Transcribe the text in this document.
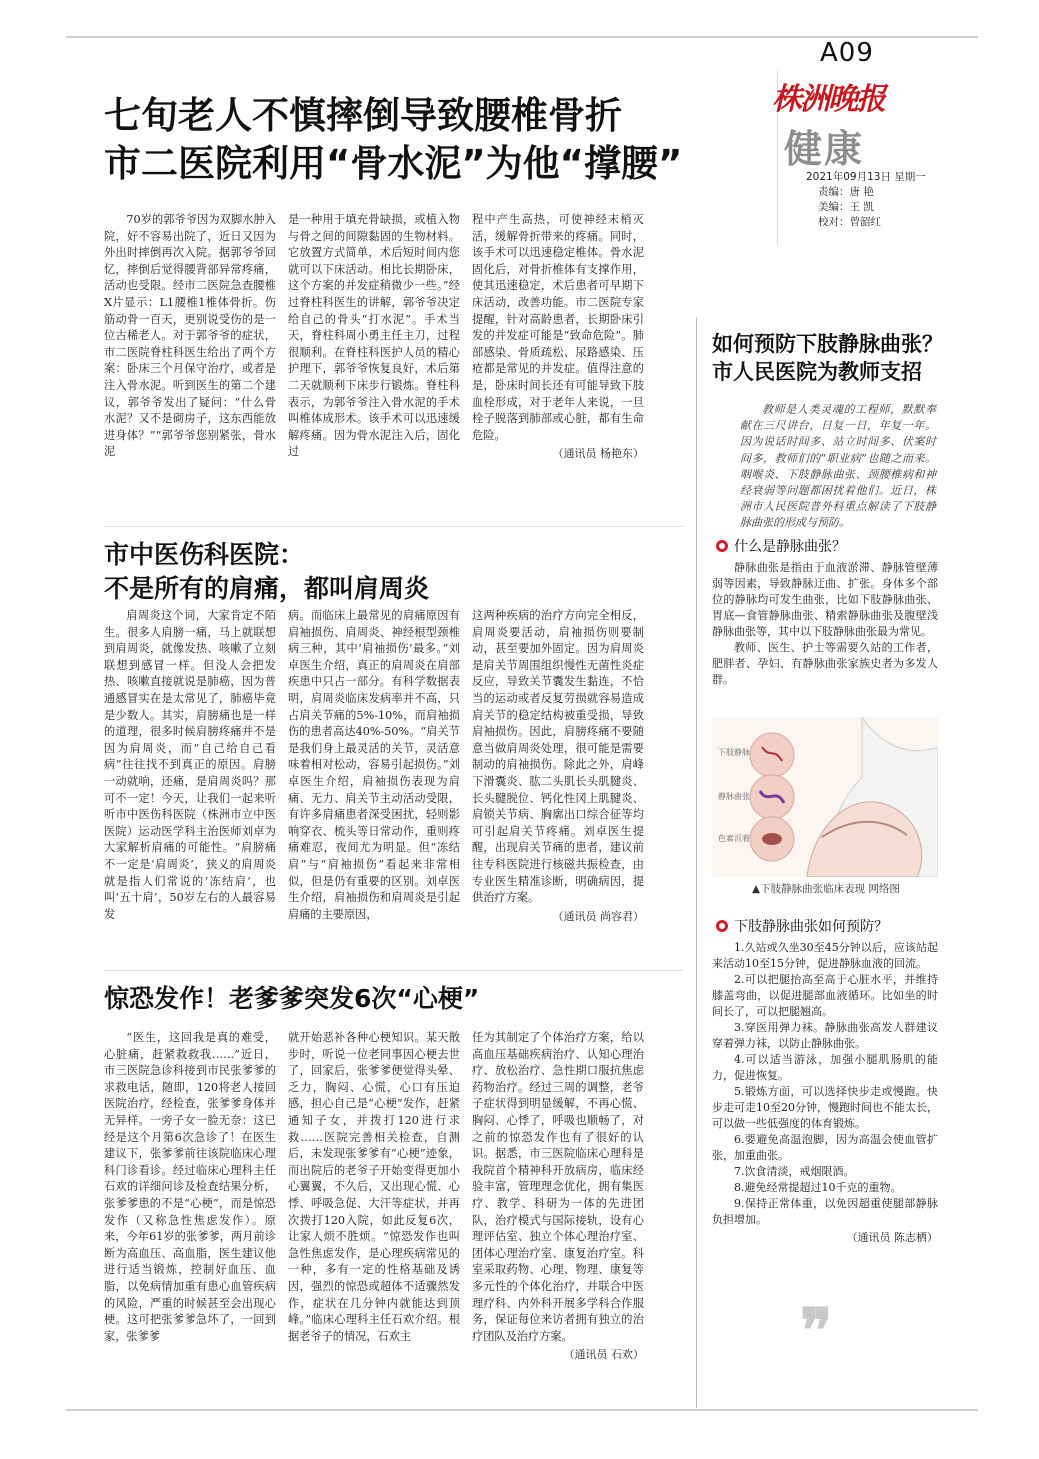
A09
株洲晚报
健康
2021年09月13日 星期一
责编：唐 艳
美编：王 凯
校对：曾韶红
七旬老人不慎摔倒导致腰椎骨折
市二医院利用“骨水泥”为他“撑腰”

70岁的郭爷爷因为双脚水肿入院，好不容易出院了，近日又因为外出时摔倒再次入院。据郭爷爷回忆，摔倒后觉得腰背部异常疼痛，活动也受限。经市二医院急查腰椎X片显示：L1腰椎1椎体骨折。伤筋动骨一百天，更别说受伤的是一位古稀老人。对于郭爷爷的症状，市二医院脊柱科医生给出了两个方案：卧床三个月保守治疗，或者是注入骨水泥。听到医生的第二个建议，郭爷爷发出了疑问：“什么骨水泥？又不是砌房子，这东西能放进身体？”“郭爷爷您别紧张，骨水泥

是一种用于填充骨缺损，或植入物与骨之间的间隙黏固的生物材料。它放置方式简单，术后短时间内您就可以下床活动。相比长期卧床，这个方案的并发症稍微少一些。”经过脊柱科医生的讲解，郭爷爷决定给自己的骨头“打水泥”。手术当天，脊柱科周小勇主任主刀，过程很顺利。在脊柱科医护人员的精心护理下，郭爷爷恢复良好，术后第二天就顺利下床步行锻炼。脊柱科表示，为郭爷爷注入骨水泥的手术叫椎体成形术。该手术可以迅速缓解疼痛。因为骨水泥注入后，固化过

程中产生高热，可使神经末梢灭活，缓解骨折带来的疼痛。同时，该手术可以迅速稳定椎体。骨水泥固化后，对骨折椎体有支撑作用，使其迅速稳定，术后患者可早期下床活动，改善功能。市二医院专家提醒，针对高龄患者，长期卧床引发的并发症可能是“致命危险”。肺部感染、骨质疏松、尿路感染、压疮都是常见的并发症。值得注意的是，卧床时间长还有可能导致下肢血栓形成，对于老年人来说，一旦栓子脱落到肺部或心脏，都有生命危险。

（通讯员 杨艳东）
市中医伤科医院：
不是所有的肩痛，都叫肩周炎

肩周炎这个词，大家肯定不陌生。很多人肩膀一痛，马上就联想到肩周炎，就像发热、咳嗽了立刻联想到感冒一样。但没人会把发热、咳嗽直接就说是肺癌，因为普通感冒实在是太常见了，肺癌毕竟是少数人。其实，肩膀痛也是一样的道理，很多时候肩膀疼痛并不是因为肩周炎，而“自己给自己看病”往往找不到真正的原因。肩膀一动就响，还痛，是肩周炎吗？那可不一定！今天，让我们一起来听听市中医伤科医院（株洲市立中医医院）运动医学科主治医师刘卓为大家解析肩痛的可能性。“肩膀痛不一定是‘肩周炎’，狭义的肩周炎就是指人们常说的‘冻结肩’，也叫‘五十肩’，50岁左右的人最容易发

病。而临床上最常见的肩痛原因有肩袖损伤、肩周炎、神经根型颈椎病三种，其中‘肩袖损伤’最多。”刘卓医生介绍，真正的肩周炎在肩部疾患中只占一部分。有科学数据表明，肩周炎临床发病率并不高，只占肩关节痛的5%-10%，而肩袖损伤的患者高达40%-50%。“肩关节是我们身上最灵活的关节，灵活意味着相对松动，容易引起损伤。”刘卓医生介绍，肩袖损伤表现为肩痛、无力、肩关节主动活动受限，有许多肩痛患者深受困扰，轻则影响穿衣、梳头等日常动作，重则疼痛难忍，夜间尤为明显。但“冻结肩”与“肩袖损伤”看起来非常相似，但是仍有重要的区别。刘卓医生介绍，肩袖损伤和肩周炎是引起肩痛的主要原因，

这两种疾病的治疗方向完全相反，肩周炎要活动，肩袖损伤则要制动，甚至要加外固定。因为肩周炎是肩关节周围组织慢性无菌性炎症反应，导致关节囊发生黏连，不恰当的运动或者反复劳损就容易造成肩关节的稳定结构被重受损，导致肩袖损伤。因此，肩膀疼痛不要随意当做肩周炎处理，很可能是需要制动的肩袖损伤。除此之外，肩峰下滑囊炎、肱二头肌长头肌腱炎、长头腱脱位、钙化性冈上肌腱炎、肩锁关节病、胸廓出口综合征等均可引起肩关节疼痛。刘卓医生提醒，出现肩关节痛的患者，建议前往专科医院进行核磁共振检查，由专业医生精准诊断，明确病因，提供治疗方案。

（通讯员 尚容君）
惊恐发作！老爹爹突发6次“心梗”

“医生，这回我是真的难受，心脏痛，赶紧救救我……”近日，市三医院急诊科接到市民张爹爹的求救电话，随即，120将老人接回医院治疗，经检查，张爹爹身体并无异样。一旁子女一脸无奈：这已经是这个月第6次急诊了！在医生建议下，张爹爹前往该院临床心理科门诊看诊。经过临床心理科主任石欢的详细问诊及检查结果分析，张爹爹患的不是“心梗”，而是惊恐发作（又称急性焦虑发作）。原来，今年61岁的张爹爹，两月前诊断为高血压、高血脂，医生建议他进行适当锻炼，控制好血压、血脂，以免病情加重有患心血管疾病的风险，严重的时候甚至会出现心梗。这可把张爹爹急坏了，一回到家，张爹爹

就开始恶补各种心梗知识。某天散步时，听说一位老同事因心梗去世了，回家后，张爹爹便觉得头晕、乏力，胸闷、心慌，心口有压迫感，担心自己是“心梗”发作，赶紧通知子女，并拨打120进行求救……医院完善相关检查，自测后，未发现张爹爹有“心梗”迹象，而出院后的老爷子开始变得更加小心翼翼，不久后，又出现心慌、心悸、呼吸急促、大汗等症状，并再次拨打120入院，如此反复6次，让家人烦不胜烦。“惊恐发作也叫急性焦虑发作，是心理疾病常见的一种，多有一定的性格基础及诱因，强烈的惊恐或超体不适骤然发作，症状在几分钟内就能达到顶峰。”临床心理科主任石欢介绍。根据老爷子的情况，石欢主

任为其制定了个体治疗方案，给以高血压基础疾病治疗、认知心理治疗、放松治疗、急性期口服抗焦虑药物治疗。经过三周的调整，老爷子症状得到明显缓解，不再心慌、胸闷、心悸了，呼吸也顺畅了，对之前的惊恐发作也有了很好的认识。据悉，市三医院临床心理科是我院首个精神科开放病房，临床经验丰富，管理理念优化，拥有集医疗、教学、科研为一体的先进团队，治疗模式与国际接轨，设有心理评估室、独立个体心理治疗室、团体心理治疗室、康复治疗室。科室采取药物、心理、物理、康复等多元性的个体化治疗，并联合中医理疗科、内外科开展多学科合作服务，保证每位来访者拥有独立的治疗团队及治疗方案。

（通讯员 石欢）
如何预防下肢静脉曲张？
市人民医院为教师支招
教师是人类灵魂的工程师，默默奉献在三尺讲台，日复一日，年复一年。因为说话时间多、站立时间多、伏案时间多，教师们的“职业病”也随之而来。咽喉炎、下肢静脉曲张、颈腰椎病和神经衰弱等问题都困扰着他们。近日，株洲市人民医院普外科重点解读了下肢静脉曲张的形成与预防。
什么是静脉曲张？

静脉曲张是指由于血液淤滞、静脉管壁薄弱等因素，导致静脉迂曲、扩张。身体多个部位的静脉均可发生曲张，比如下肢静脉曲张、胃底—食管静脉曲张、精索静脉曲张及腹壁浅静脉曲张等，其中以下肢静脉曲张最为常见。

教师、医生、护士等需要久站的工作者，肥胖者、孕妇、有静脉曲张家族史者为多发人群。

下肢静脉
静脉曲张
色素沉着
▲下肢静脉曲张临床表现 网络图
下肢静脉曲张如何预防？

1.久站或久坐30至45分钟以后，应该站起来活动10至15分钟，促进静脉血液的回流。

2.可以把腿抬高至高于心脏水平，并维持膝盖弯曲，以促进腿部血液循环。比如坐的时间长了，可以把腿翘高。

3.穿医用弹力袜。静脉曲张高发人群建议穿着弹力袜，以防止静脉曲张。

4.可以适当游泳，加强小腿肌肠肌的能力，促进恢复。

5.锻炼方面，可以选择快步走或慢跑。快步走可走10至20分钟，慢跑时间也不能太长，可以做一些低强度的体育锻炼。

6.要避免高温泡脚，因为高温会使血管扩张，加重曲张。

7.饮食清淡，戒烟限酒。

8.避免经常提超过10千克的重物。

9.保持正常体重，以免因超重使腿部静脉负担增加。

（通讯员 陈志栖）
❞
